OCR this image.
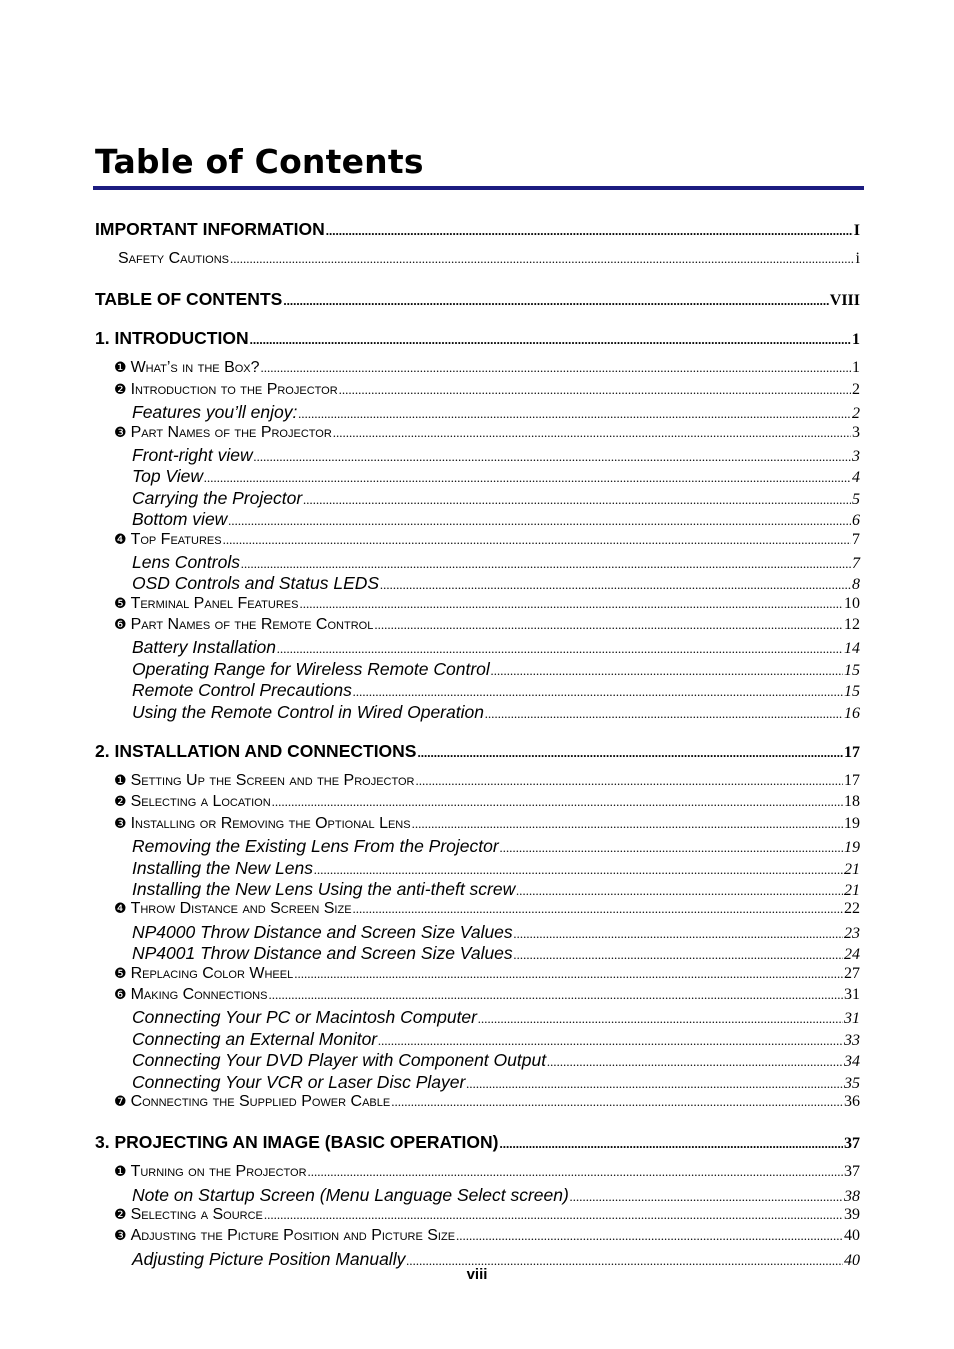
Table of Contents
IMPORTANT INFORMATION .....	I
Safety Cautions .....	i
TABLE OF CONTENTS .....	VIII
1. INTRODUCTION .....	1
❶ What’s in the Box? .....	1
❷ Introduction to the Projector .....	2
Features you’ll enjoy: .....	2
❸ Part Names of the Projector .....	3
Front-right view .....	3
Top View .....	4
Carrying the Projector .....	5
Bottom view .....	6
❹ Top Features .....	7
Lens Controls .....	7
OSD Controls and Status LEDS .....	8
❺ Terminal Panel Features .....	10
❻ Part Names of the Remote Control .....	12
Battery Installation .....	14
Operating Range for Wireless Remote Control .....	15
Remote Control Precautions .....	15
Using the Remote Control in Wired Operation .....	16
2. INSTALLATION AND CONNECTIONS .....	17
❶ Setting Up the Screen and the Projector .....	17
❷ Selecting a Location .....	18
❸ Installing or Removing the Optional Lens .....	19
Removing the Existing Lens From the Projector .....	19
Installing the New Lens .....	21
Installing the New Lens Using the anti-theft screw .....	21
❹ Throw Distance and Screen Size .....	22
NP4000 Throw Distance and Screen Size Values .....	23
NP4001 Throw Distance and Screen Size Values .....	24
❺ Replacing Color Wheel .....	27
❻ Making Connections .....	31
Connecting Your PC or Macintosh Computer .....	31
Connecting an External Monitor .....	33
Connecting Your DVD Player with Component Output .....	34
Connecting Your VCR or Laser Disc Player .....	35
❼ Connecting the Supplied Power Cable .....	36
3. PROJECTING AN IMAGE (BASIC OPERATION) .....	37
❶ Turning on the Projector .....	37
Note on Startup Screen (Menu Language Select screen) .....	38
❷ Selecting a Source .....	39
❸ Adjusting the Picture Position and Picture Size .....	40
Adjusting Picture Position Manually .....	40
viii
